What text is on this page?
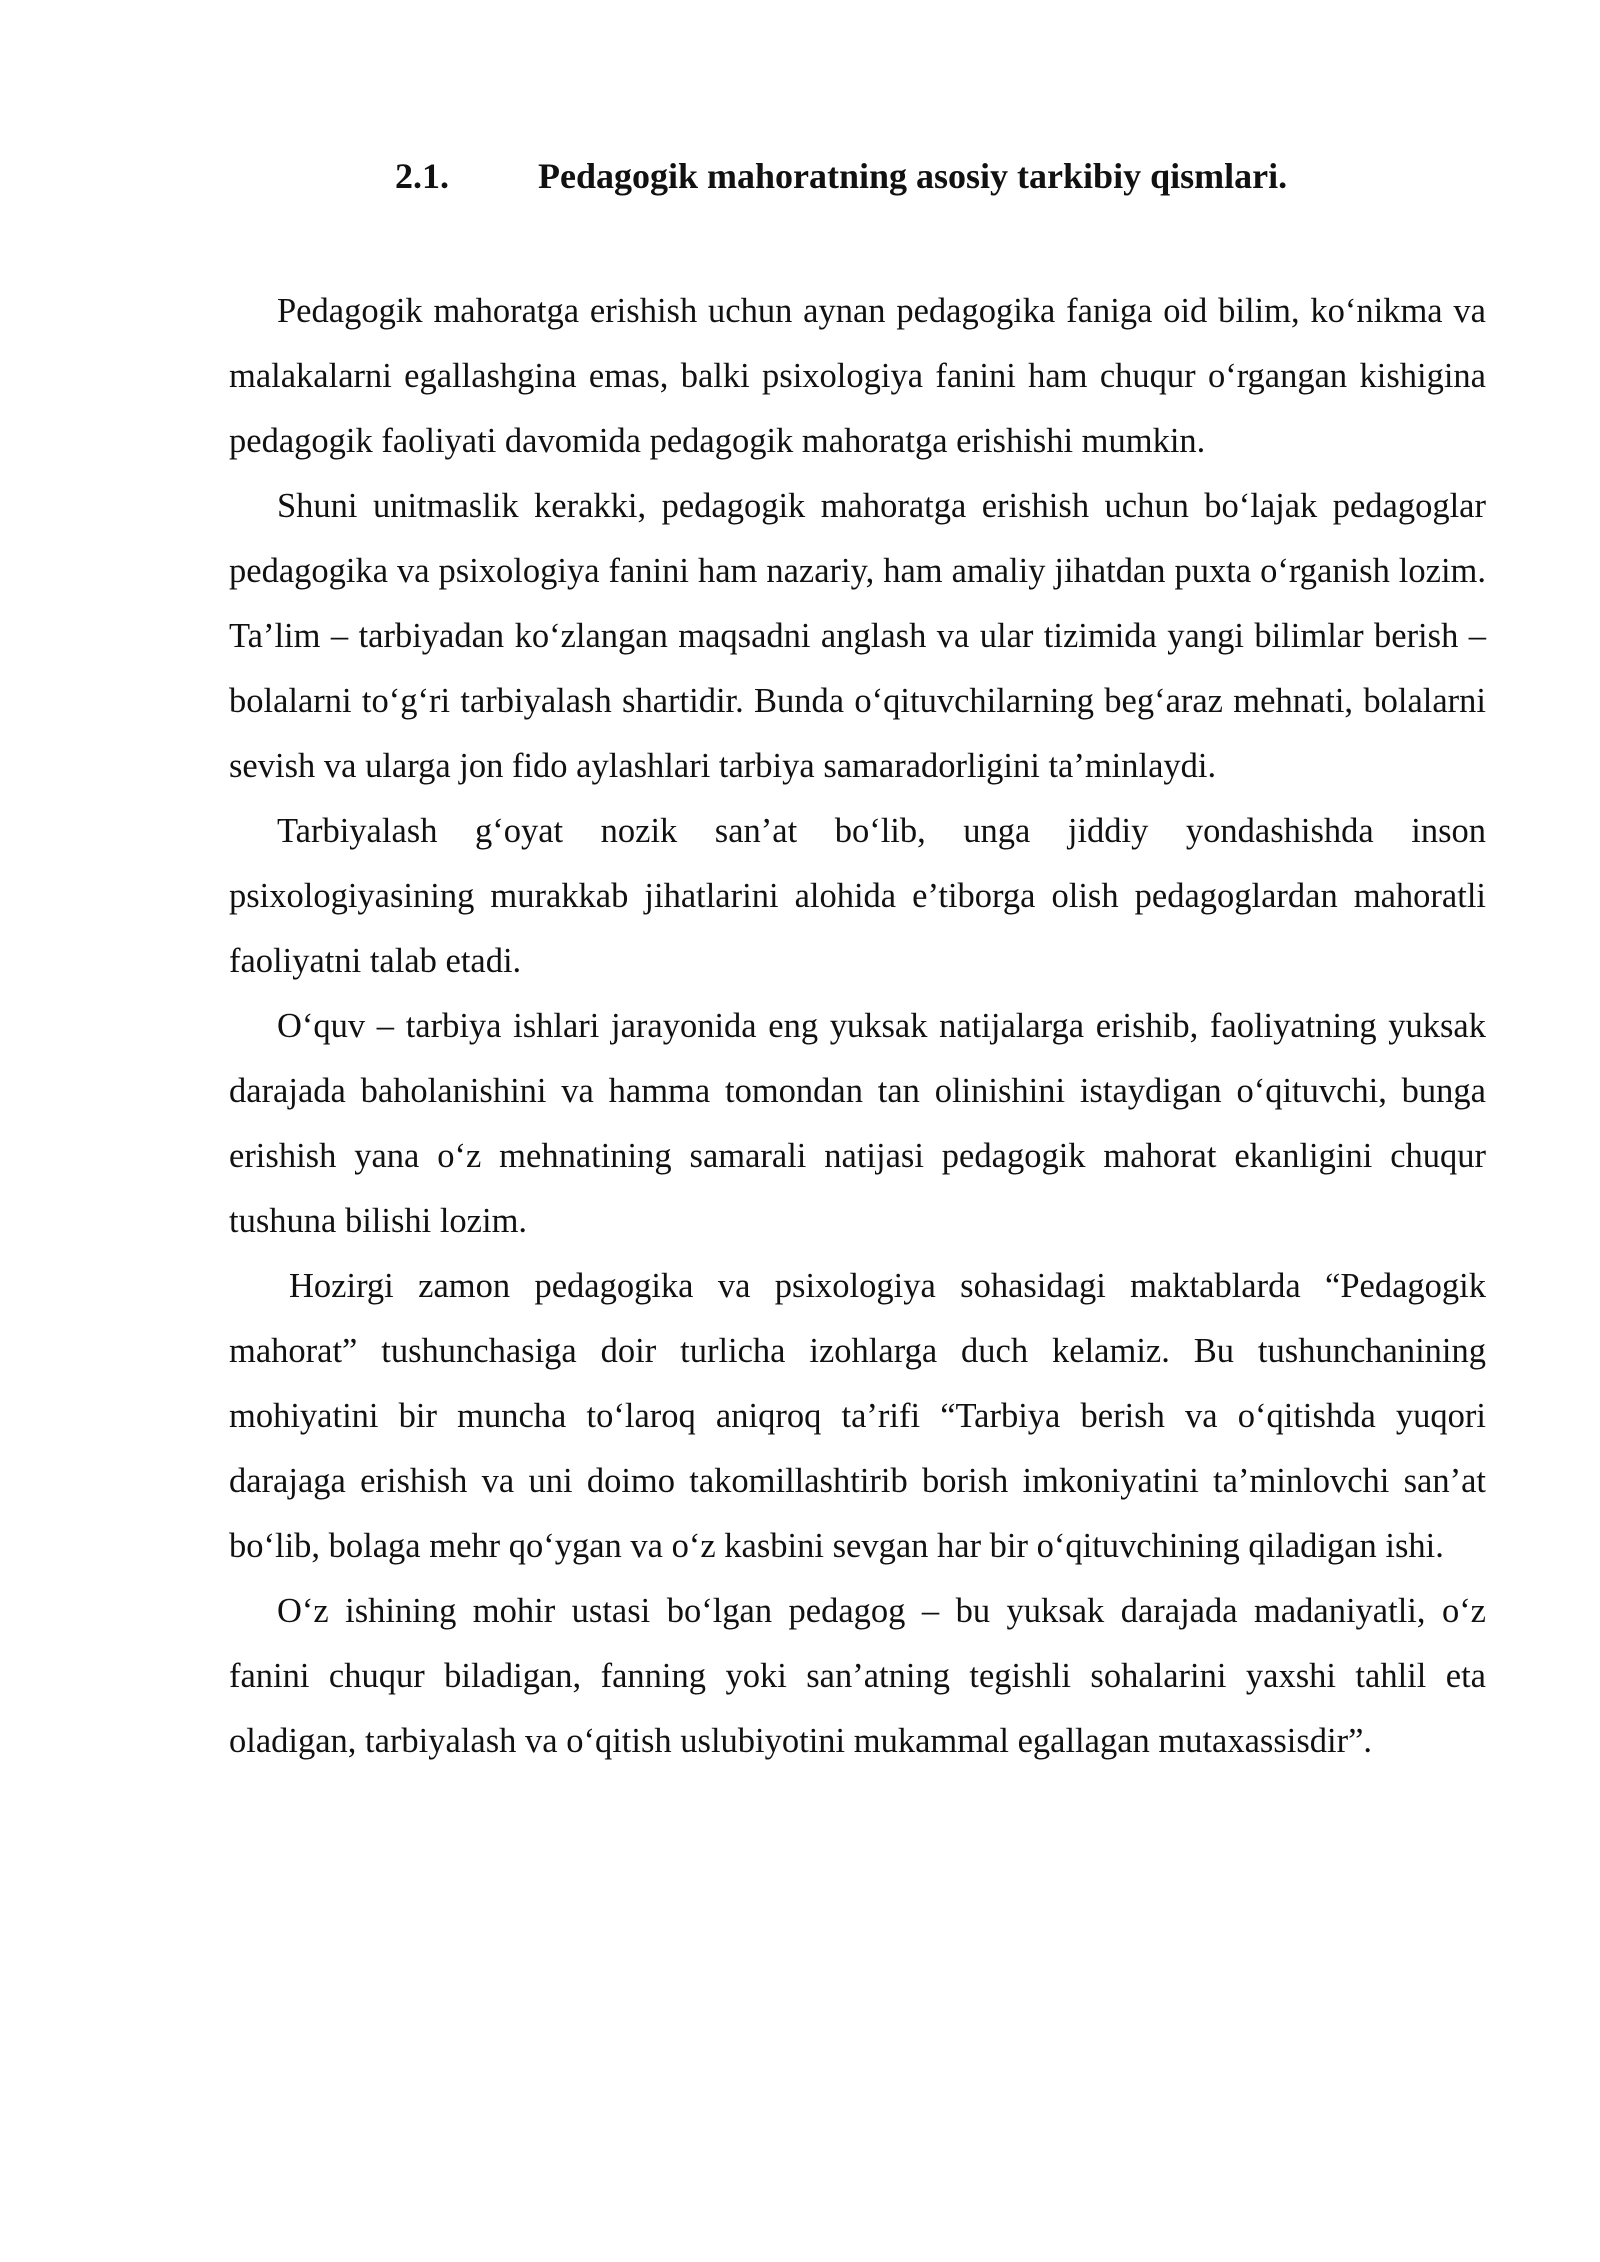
2.1. Pedagogik mahoratning asosiy tarkibiy qismlari.

Pedagogik mahoratga erishish uchun aynan pedagogika faniga oid bilim, ko‘nikma va malakalarni egallashgina emas, balki psixologiya fanini ham chuqur o‘rgangan kishigina pedagogik faoliyati davomida pedagogik mahoratga erishishi mumkin.

Shuni unitmaslik kerakki, pedagogik mahoratga erishish uchun bo‘lajak pedagoglar pedagogika va psixologiya fanini ham nazariy, ham amaliy jihatdan puxta o‘rganish lozim. Ta’lim – tarbiyadan ko‘zlangan maqsadni anglash va ular tizimida yangi bilimlar berish – bolalarni to‘g‘ri tarbiyalash shartidir. Bunda o‘qituvchilarning beg‘araz mehnati, bolalarni sevish va ularga jon fido aylashlari tarbiya samaradorligini ta’minlaydi.

Tarbiyalash g‘oyat nozik san’at bo‘lib, unga jiddiy yondashishda inson psixologiyasining murakkab jihatlarini alohida e’tiborga olish pedagoglardan mahoratli faoliyatni talab etadi.

O‘quv – tarbiya ishlari jarayonida eng yuksak natijalarga erishib, faoliyatning yuksak darajada baholanishini va hamma tomondan tan olinishini istaydigan o‘qituvchi, bunga erishish yana o‘z mehnatining samarali natijasi pedagogik mahorat ekanligini chuqur tushuna bilishi lozim.

Hozirgi zamon pedagogika va psixologiya sohasidagi maktablarda “Pedagogik mahorat” tushunchasiga doir turlicha izohlarga duch kelamiz. Bu tushunchanining mohiyatini bir muncha to‘laroq aniqroq ta’rifi “Tarbiya berish va o‘qitishda yuqori darajaga erishish va uni doimo takomillashtirib borish imkoniyatini ta’minlovchi san’at bo‘lib, bolaga mehr qo‘ygan va o‘z kasbini sevgan har bir o‘qituvchining qiladigan ishi.

O‘z ishining mohir ustasi bo‘lgan pedagog – bu yuksak darajada madaniyatli, o‘z fanini chuqur biladigan, fanning yoki san’atning tegishli sohalarini yaxshi tahlil eta oladigan, tarbiyalash va o‘qitish uslubiyotini mukammal egallagan mutaxassisdir”.
